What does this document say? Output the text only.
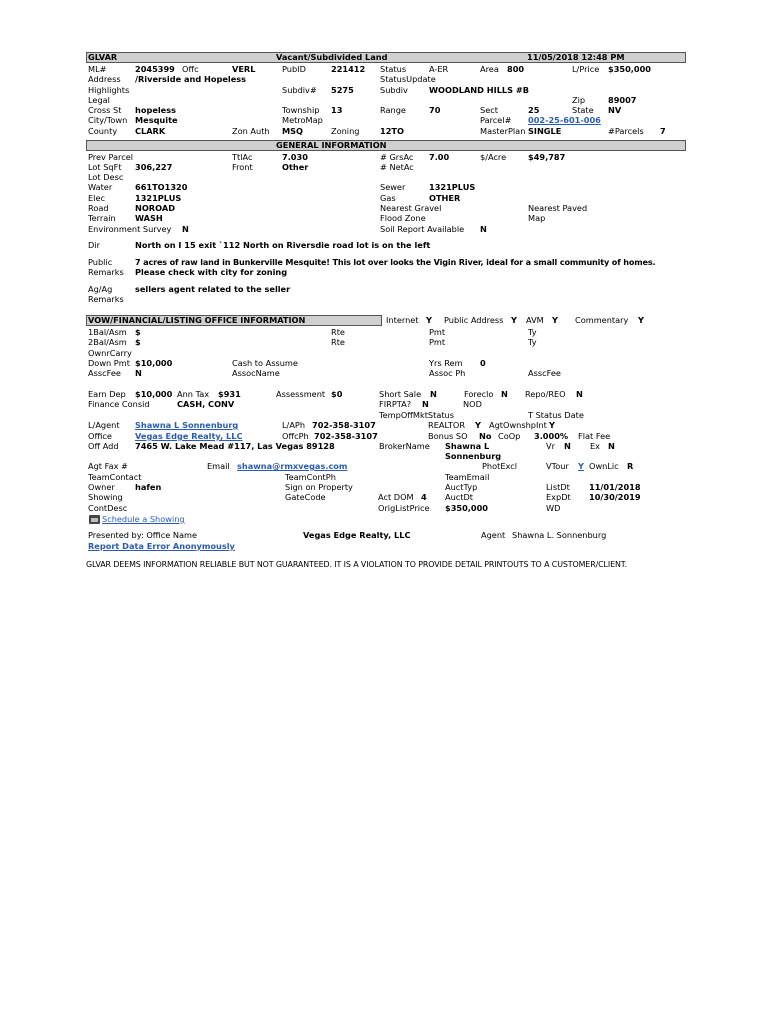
GLVAR	Vacant/Subdivided Land	11/05/2018 12:48 PM
ML#	2045399 Offc	VERL	PubID	221412 Status	A-ER	Area 800	L/Price $350,000
Address /Riverside and Hopeless	StatusUpdate
Highlights	Subdiv# 5275	Subdiv	WOODLAND HILLS #B
Legal	Zip	89007
Cross St hopeless	Township 13	Range	70	Sect	25	State NV
City/Town Mesquite	MetroMap	Parcel# 002-25-601-006
County CLARK	Zon Auth MSQ	Zoning	12TO	MasterPlan SINGLE	#Parcels 7
GENERAL INFORMATION
Prev Parcel	TtlAc	7.030	# GrsAc 7.00	$/Acre	$49,787
Lot SqFt 306,227	Front	Other	# NetAc
Lot Desc
Water	661TO1320	Sewer	1321PLUS
Elec	1321PLUS	Gas	OTHER
Road	NOROAD	Nearest Gravel	Nearest Paved
Terrain WASH	Flood Zone	Map
Environment Survey N	Soil Report Available N
Dir	North on I 15 exit `112 North on Riversdie road lot is on the left
Public
Remarks
7 acres of raw land in Bunkerville Mesquite! This lot over looks the Vigin River, ideal for a small community of homes.
Please check with city for zoning
Ag/Ag
Remarks
sellers agent related to the seller
VOW/FINANCIAL/LISTING OFFICE INFORMATION	Internet Y Public Address Y AVM Y Commentary Y
1Bal/Asm $	Rte	Pmt	Ty
2Bal/Asm $	Rte	Pmt	Ty
OwnrCarry
Down Pmt $10,000	Cash to Assume	Yrs Rem 0
AsscFee N	AssocName	Assoc Ph	AsscFee
Earn Dep $10,000 Ann Tax $931	Assessment $0	Short Sale N	Foreclo N Repo/REO N
Finance Consid	CASH, CONV	FIRPTA? N	NOD
TempOffMktStatus	T Status Date
L/Agent Shawna L Sonnenburg	L/APh 702-358-3107	REALTOR Y AgtOwnshpInt Y
Office	Vegas Edge Realty, LLC	OffcPh 702-358-3107	Bonus SO No CoOp 3.000% Flat Fee
Off Add 7465 W. Lake Mead #117, Las Vegas 89128	BrokerName Shawna L
Sonnenburg
Vr N Ex N
Agt Fax #	Email shawna@rmxvegas.com	PhotExcl	VTour Y OwnLic R
TeamContact	TeamContPh	TeamEmail
Owner hafen	Sign on Property	AuctTyp	ListDt 11/01/2018
Showing	GateCode	Act DOM 4 AuctDt	ExpDt 10/30/2019
ContDesc	OrigListPrice $350,000	WD
Schedule a Showing
Presented by: Office Name	Vegas Edge Realty, LLC	Agent Shawna L. Sonnenburg
Report Data Error Anonymously
GLVAR DEEMS INFORMATION RELIABLE BUT NOT GUARANTEED. IT IS A VIOLATION TO PROVIDE DETAIL PRINTOUTS TO A CUSTOMER/CLIENT.
